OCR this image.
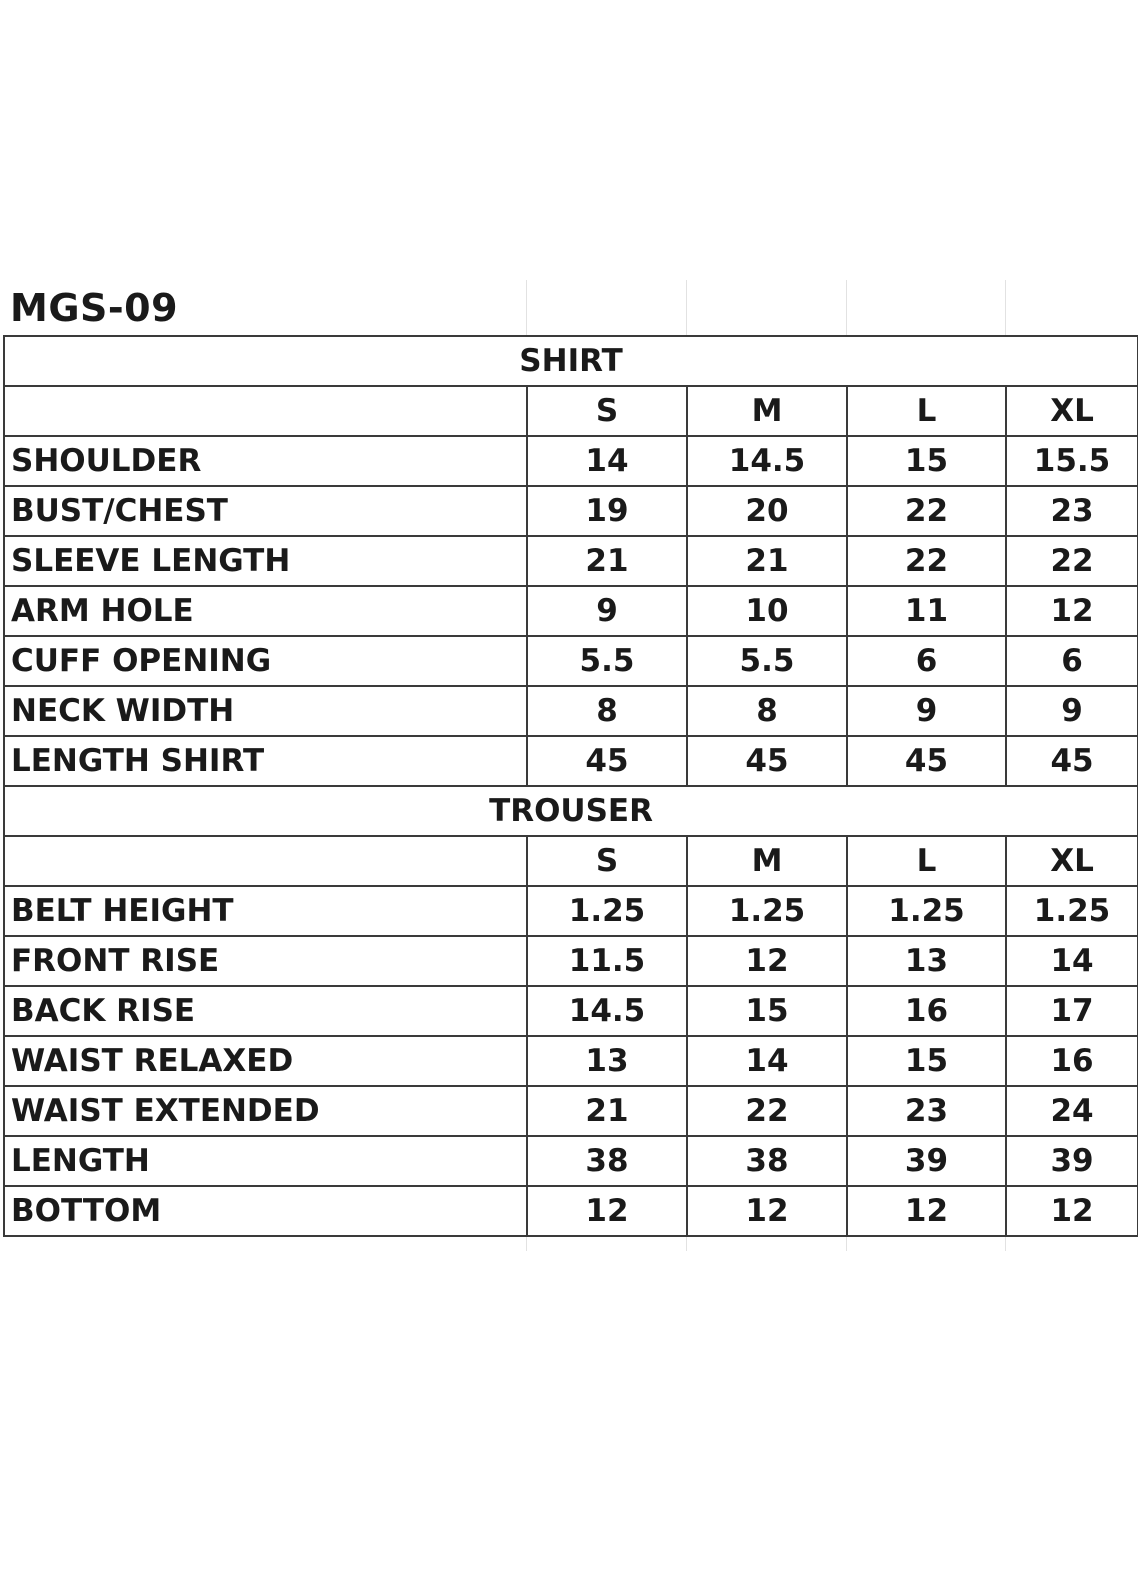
MGS-09
SHIRT				
	S	M	L	XL
SHOULDER	14	14.5	15	15.5
BUST/CHEST	19	20	22	23
SLEEVE LENGTH	21	21	22	22
ARM HOLE	9	10	11	12
CUFF OPENING	5.5	5.5	6	6
NECK WIDTH	8	8	9	9
LENGTH SHIRT	45	45	45	45
TROUSER				
	S	M	L	XL
BELT HEIGHT	1.25	1.25	1.25	1.25
FRONT RISE	11.5	12	13	14
BACK RISE	14.5	15	16	17
WAIST RELAXED	13	14	15	16
WAIST EXTENDED	21	22	23	24
LENGTH	38	38	39	39
BOTTOM	12	12	12	12
